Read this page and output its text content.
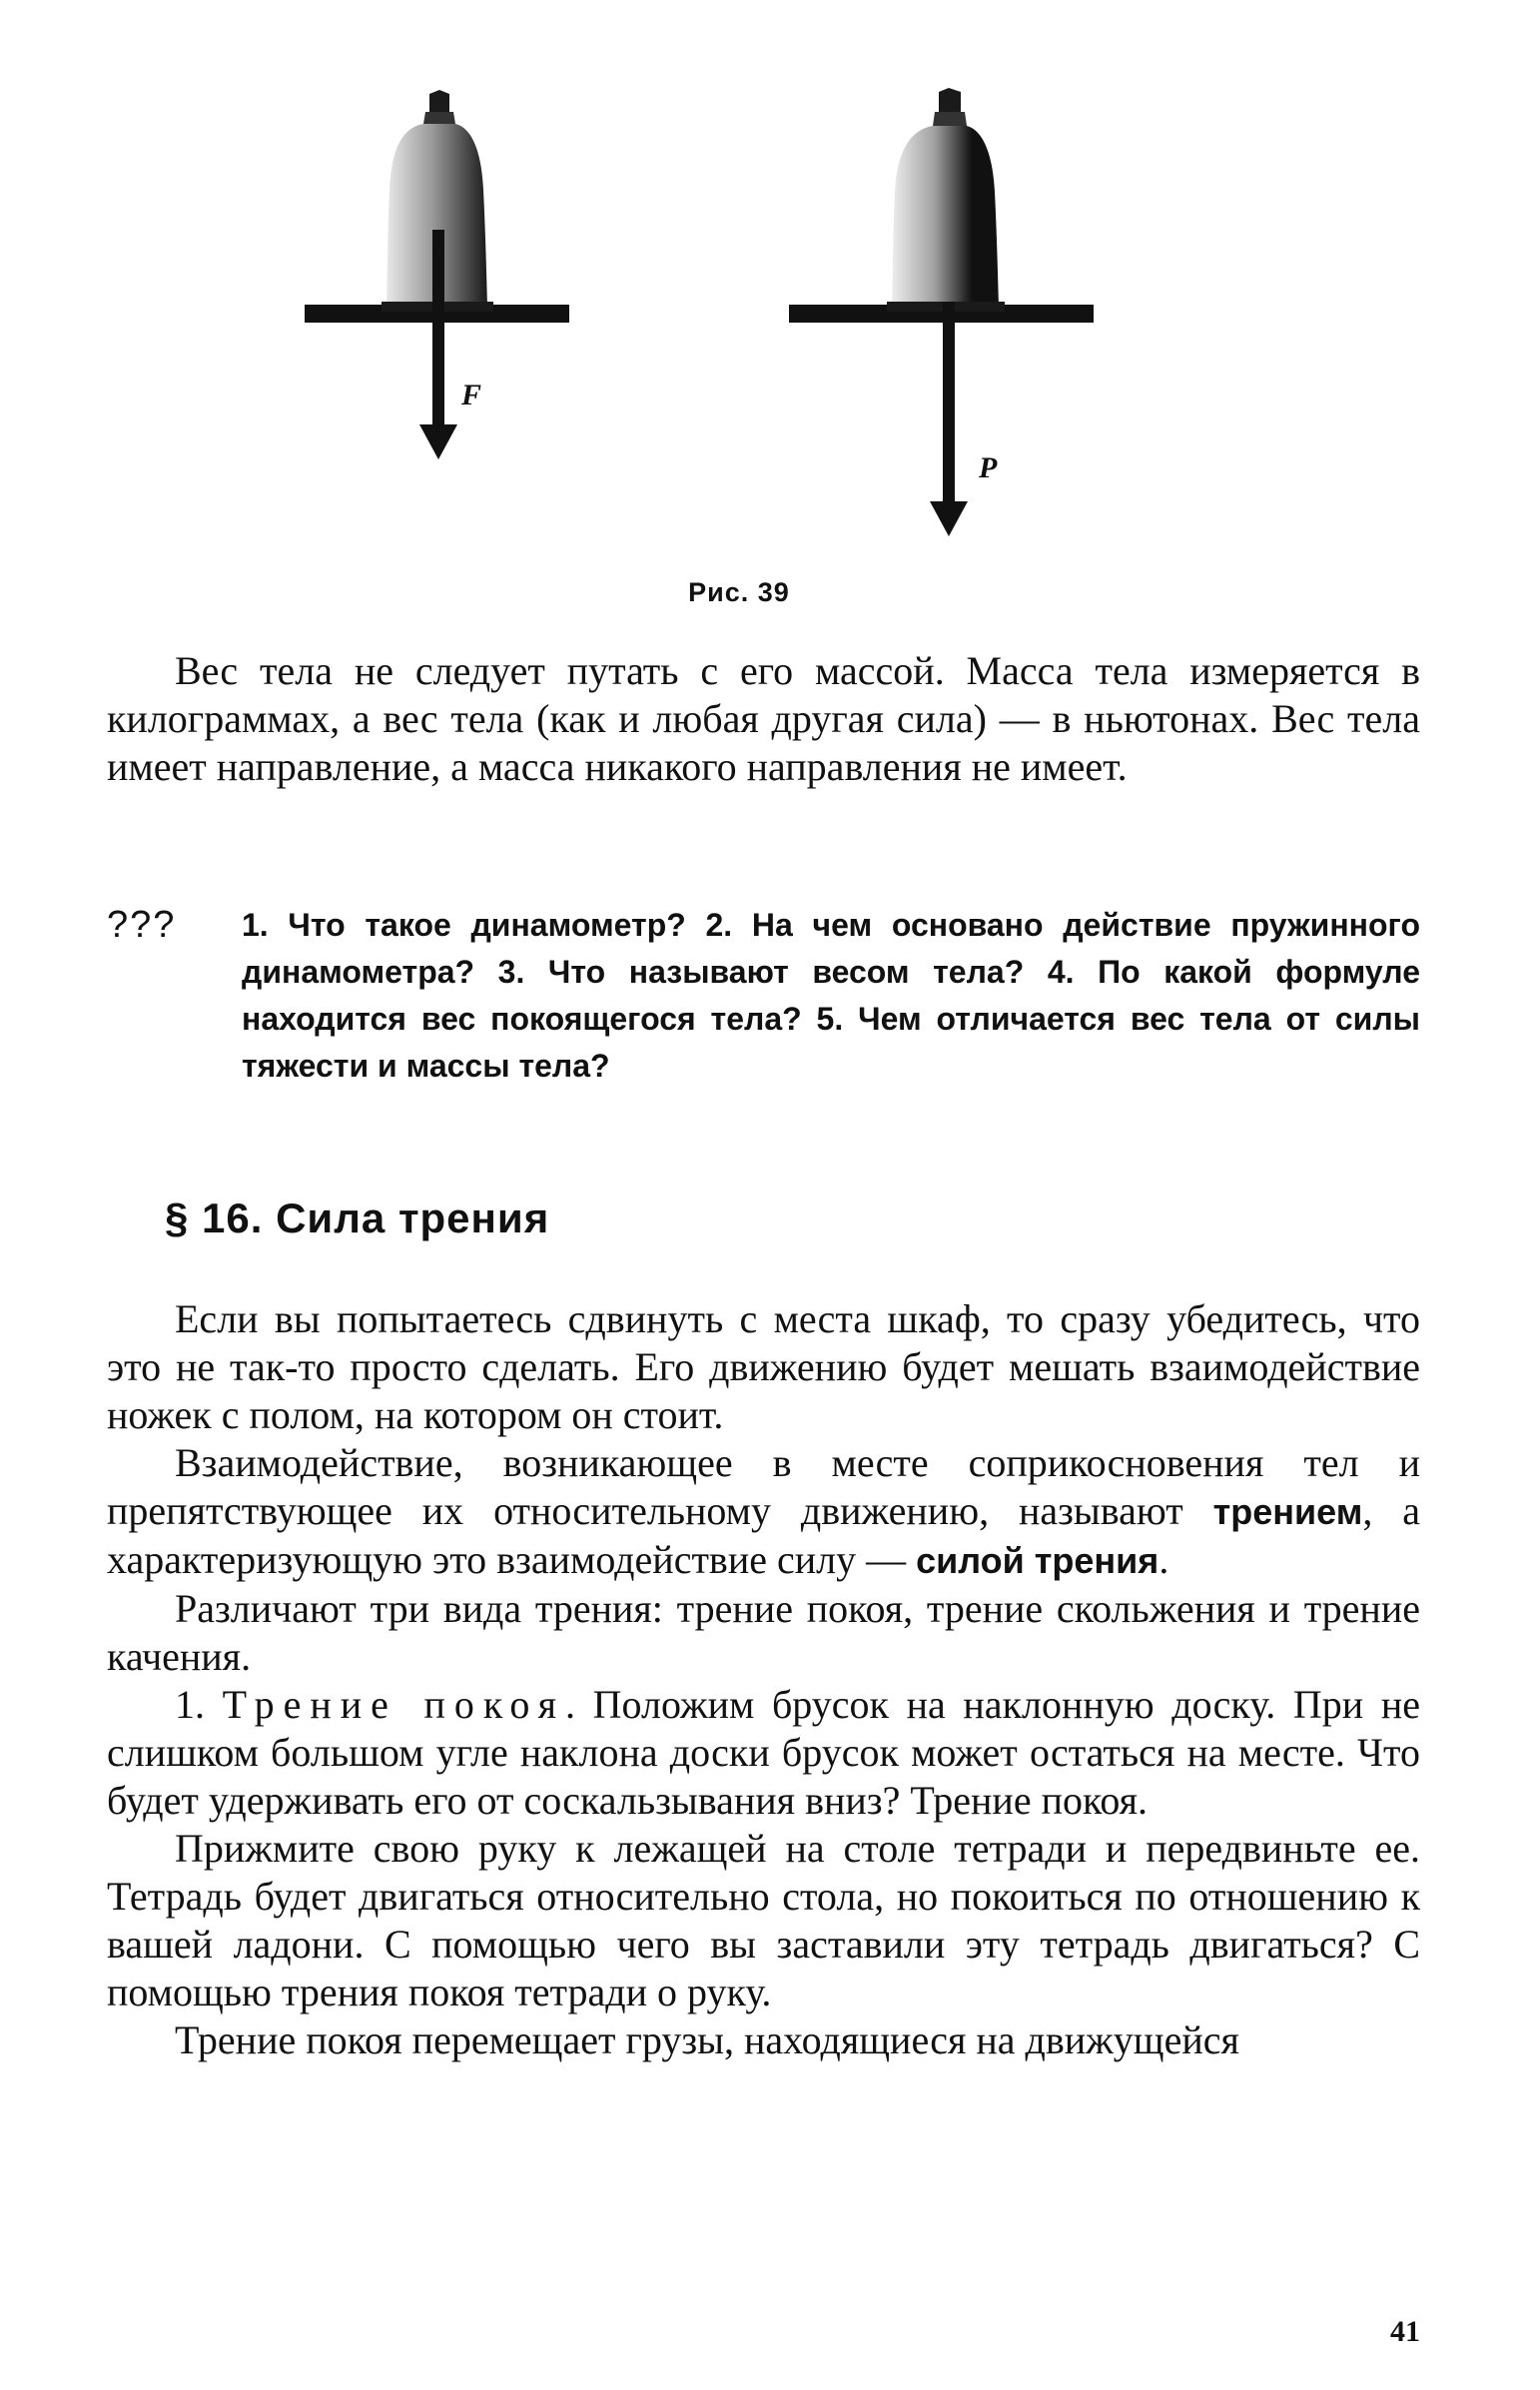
F
P
Рис. 39

Вес тела не следует путать с его массой. Масса тела измеряется в килограммах, а вес тела (как и любая другая сила) — в ньютонах. Вес тела имеет направление, а масса никакого направления не имеет.

??? 1. Что такое динамометр? 2. На чем основано действие пружинного динамометра? 3. Что называют весом тела? 4. По какой формуле находится вес покоящегося тела? 5. Чем отличается вес тела от силы тяжести и массы тела?
§ 16. Сила трения

Если вы попытаетесь сдвинуть с места шкаф, то сразу убедитесь, что это не так-то просто сделать. Его движению будет мешать взаимодействие ножек с полом, на котором он стоит.

Взаимодействие, возникающее в месте соприкосновения тел и препятствующее их относительному движению, называют трением, а характеризующую это взаимодействие силу — силой трения.

Различают три вида трения: трение покоя, трение скольжения и трение качения.

1. Трение покоя. Положим брусок на наклонную доску. При не слишком большом угле наклона доски брусок может остаться на месте. Что будет удерживать его от соскальзывания вниз? Трение покоя.

Прижмите свою руку к лежащей на столе тетради и передвиньте ее. Тетрадь будет двигаться относительно стола, но покоиться по отношению к вашей ладони. С помощью чего вы заставили эту тетрадь двигаться? С помощью трения покоя тетради о руку.

Трение покоя перемещает грузы, находящиеся на движущейся

41
